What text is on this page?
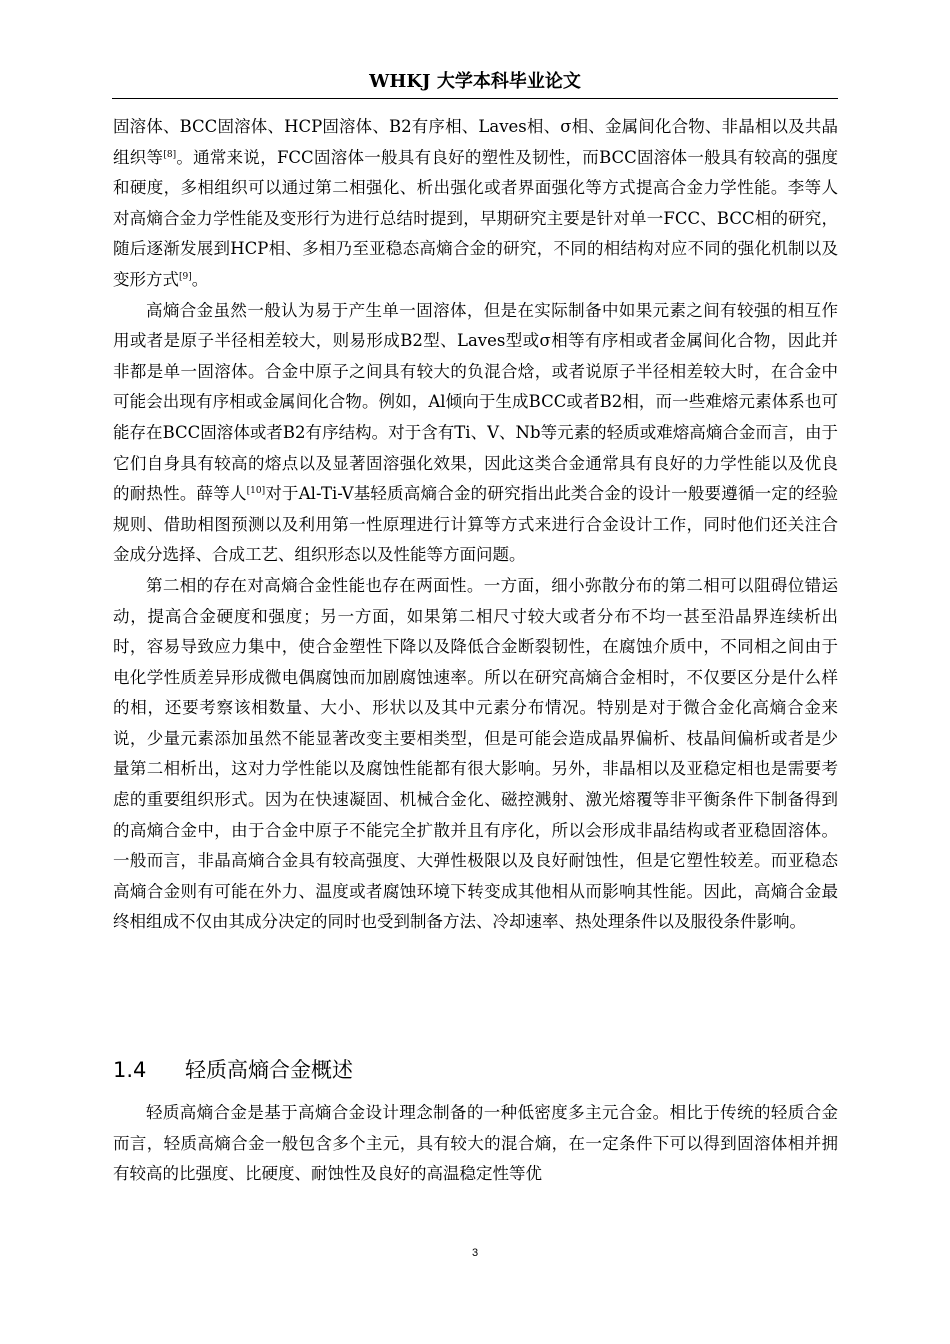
WHKJ 大学本科毕业论文

固溶体、BCC固溶体、HCP固溶体、B2有序相、Laves相、σ相、金属间化合物、非晶相以及共晶组织等[8]。通常来说，FCC固溶体一般具有良好的塑性及韧性，而BCC固溶体一般具有较高的强度和硬度，多相组织可以通过第二相强化、析出强化或者界面强化等方式提高合金力学性能。李等人对高熵合金力学性能及变形行为进行总结时提到，早期研究主要是针对单一FCC、BCC相的研究，随后逐渐发展到HCP相、多相乃至亚稳态高熵合金的研究，不同的相结构对应不同的强化机制以及变形方式[9]。

高熵合金虽然一般认为易于产生单一固溶体，但是在实际制备中如果元素之间有较强的相互作用或者是原子半径相差较大，则易形成B2型、Laves型或σ相等有序相或者金属间化合物，因此并非都是单一固溶体。合金中原子之间具有较大的负混合焓，或者说原子半径相差较大时，在合金中可能会出现有序相或金属间化合物。例如，Al倾向于生成BCC或者B2相，而一些难熔元素体系也可能存在BCC固溶体或者B2有序结构。对于含有Ti、V、Nb等元素的轻质或难熔高熵合金而言，由于它们自身具有较高的熔点以及显著固溶强化效果，因此这类合金通常具有良好的力学性能以及优良的耐热性。薛等人[10]对于Al-Ti-V基轻质高熵合金的研究指出此类合金的设计一般要遵循一定的经验规则、借助相图预测以及利用第一性原理进行计算等方式来进行合金设计工作，同时他们还关注合金成分选择、合成工艺、组织形态以及性能等方面问题。

第二相的存在对高熵合金性能也存在两面性。一方面，细小弥散分布的第二相可以阻碍位错运动，提高合金硬度和强度；另一方面，如果第二相尺寸较大或者分布不均一甚至沿晶界连续析出时，容易导致应力集中，使合金塑性下降以及降低合金断裂韧性，在腐蚀介质中，不同相之间由于电化学性质差异形成微电偶腐蚀而加剧腐蚀速率。所以在研究高熵合金相时，不仅要区分是什么样的相，还要考察该相数量、大小、形状以及其中元素分布情况。特别是对于微合金化高熵合金来说，少量元素添加虽然不能显著改变主要相类型，但是可能会造成晶界偏析、枝晶间偏析或者是少量第二相析出，这对力学性能以及腐蚀性能都有很大影响。另外，非晶相以及亚稳定相也是需要考虑的重要组织形式。因为在快速凝固、机械合金化、磁控溅射、激光熔覆等非平衡条件下制备得到的高熵合金中，由于合金中原子不能完全扩散并且有序化，所以会形成非晶结构或者亚稳固溶体。一般而言，非晶高熵合金具有较高强度、大弹性极限以及良好耐蚀性，但是它塑性较差。而亚稳态高熵合金则有可能在外力、温度或者腐蚀环境下转变成其他相从而影响其性能。因此，高熵合金最终相组成不仅由其成分决定的同时也受到制备方法、冷却速率、热处理条件以及服役条件影响。

1.4 轻质高熵合金概述

轻质高熵合金是基于高熵合金设计理念制备的一种低密度多主元合金。相比于传统的轻质合金而言，轻质高熵合金一般包含多个主元，具有较大的混合熵，在一定条件下可以得到固溶体相并拥有较高的比强度、比硬度、耐蚀性及良好的高温稳定性等优

3
